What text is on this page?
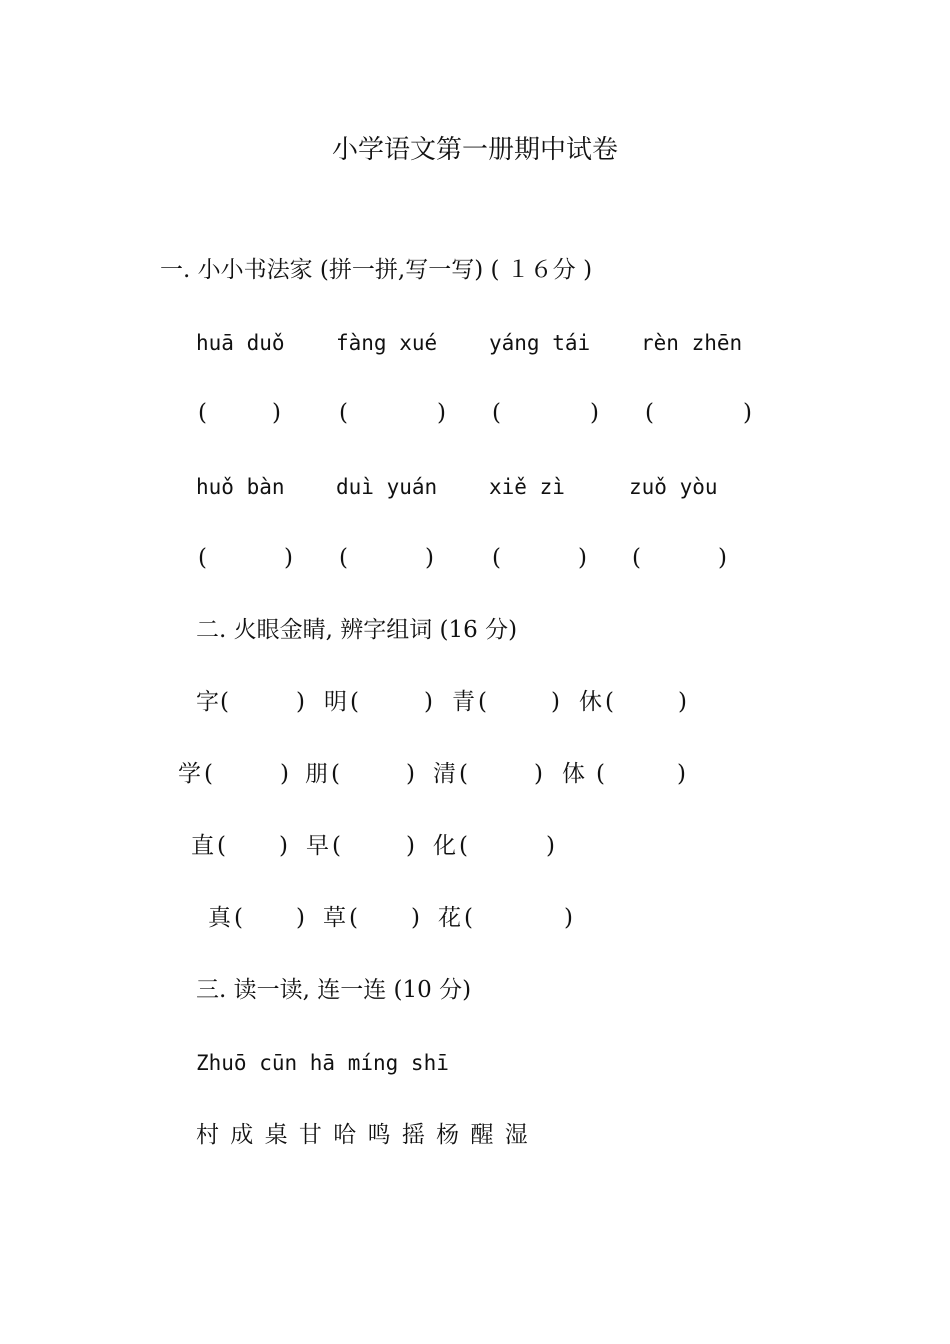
小学语文第一册期中试卷
一. 小小书法家 (拼一拼,写一写) ( １６分 )
huā duǒ fàng xué yáng tái rèn zhēn
(	)	(	) (	) (	)
huǒ bàn duì yuán xiě zì	zuǒ yòu
(	) (	)	(	) (	)
二. 火眼金睛, 辨字组词 (16 分)
字 (	) 明 (	) 青 (	) 休 (	)
学 (	) 朋 (	) 清 (	) 体 (	)
直 ( ) 早 (	) 化 (	)
真 ( ) 草 ( ) 花 (	)
三. 读一读, 连一连 (10 分)
Zhuō cūn hā míng shī
村 成 桌 甘 哈 鸣 摇 杨 醒 湿
